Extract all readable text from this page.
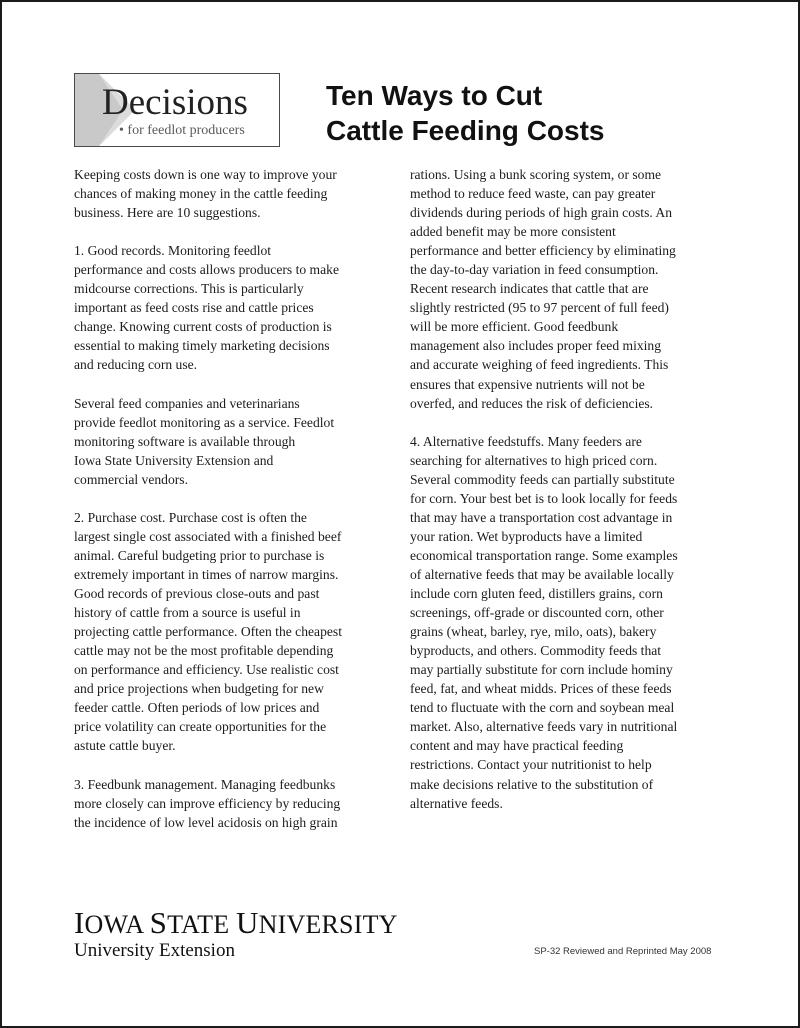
Decisions
• for feedlot producers
Ten Ways to Cut
Cattle Feeding Costs

Keeping costs down is one way to improve your
chances of making money in the cattle feeding
business. Here are 10 suggestions.

1. Good records. Monitoring feedlot
performance and costs allows producers to make
midcourse corrections. This is particularly
important as feed costs rise and cattle prices
change. Knowing current costs of production is
essential to making timely marketing decisions
and reducing corn use.

Several feed companies and veterinarians
provide feedlot monitoring as a service. Feedlot
monitoring software is available through
Iowa State University Extension and
commercial vendors.

2. Purchase cost. Purchase cost is often the
largest single cost associated with a finished beef
animal. Careful budgeting prior to purchase is
extremely important in times of narrow margins.
Good records of previous close-outs and past
history of cattle from a source is useful in
projecting cattle performance. Often the cheapest
cattle may not be the most profitable depending
on performance and efficiency. Use realistic cost
and price projections when budgeting for new
feeder cattle. Often periods of low prices and
price volatility can create opportunities for the
astute cattle buyer.

3. Feedbunk management. Managing feedbunks
more closely can improve efficiency by reducing
the incidence of low level acidosis on high grain

rations. Using a bunk scoring system, or some
method to reduce feed waste, can pay greater
dividends during periods of high grain costs. An
added benefit may be more consistent
performance and better efficiency by eliminating
the day-to-day variation in feed consumption.
Recent research indicates that cattle that are
slightly restricted (95 to 97 percent of full feed)
will be more efficient. Good feedbunk
management also includes proper feed mixing
and accurate weighing of feed ingredients. This
ensures that expensive nutrients will not be
overfed, and reduces the risk of deficiencies.

4. Alternative feedstuffs. Many feeders are
searching for alternatives to high priced corn.
Several commodity feeds can partially substitute
for corn. Your best bet is to look locally for feeds
that may have a transportation cost advantage in
your ration. Wet byproducts have a limited
economical transportation range. Some examples
of alternative feeds that may be available locally
include corn gluten feed, distillers grains, corn
screenings, off-grade or discounted corn, other
grains (wheat, barley, rye, milo, oats), bakery
byproducts, and others. Commodity feeds that
may partially substitute for corn include hominy
feed, fat, and wheat midds. Prices of these feeds
tend to fluctuate with the corn and soybean meal
market. Also, alternative feeds vary in nutritional
content and may have practical feeding
restrictions. Contact your nutritionist to help
make decisions relative to the substitution of
alternative feeds.

IOWA STATE UNIVERSITY
University Extension	SP-32 Reviewed and Reprinted May 2008
